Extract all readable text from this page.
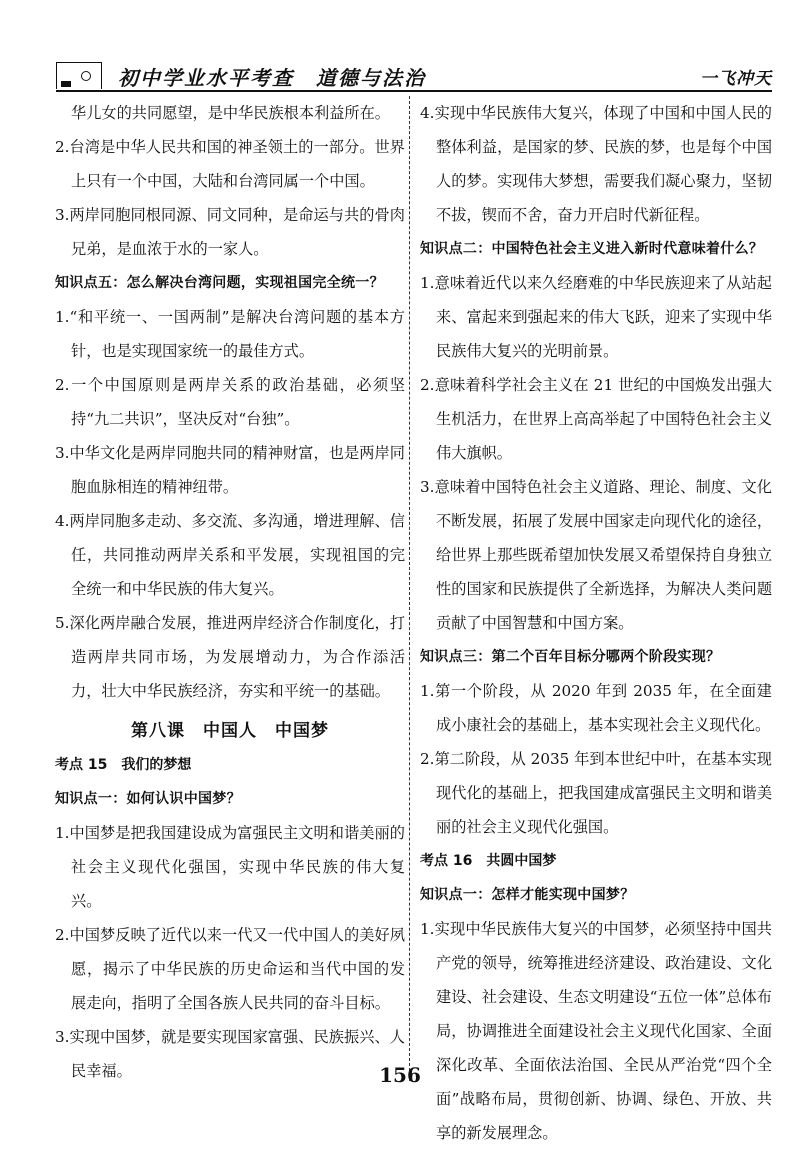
初中学业水平考查　道德与法治	一飞冲天

华儿女的共同愿望，是中华民族根本利益所在。

2.台湾是中华人民共和国的神圣领土的一部分。世界上只有一个中国，大陆和台湾同属一个中国。

3.两岸同胞同根同源、同文同种，是命运与共的骨肉兄弟，是血浓于水的一家人。

知识点五：怎么解决台湾问题，实现祖国完全统一？

1.“和平统一、一国两制”是解决台湾问题的基本方针，也是实现国家统一的最佳方式。

2.一个中国原则是两岸关系的政治基础，必须坚持“九二共识”，坚决反对“台独”。

3.中华文化是两岸同胞共同的精神财富，也是两岸同胞血脉相连的精神纽带。

4.两岸同胞多走动、多交流、多沟通，增进理解、信任，共同推动两岸关系和平发展，实现祖国的完全统一和中华民族的伟大复兴。

5.深化两岸融合发展，推进两岸经济合作制度化，打造两岸共同市场，为发展增动力，为合作添活力，壮大中华民族经济，夯实和平统一的基础。

第八课　中国人　中国梦

考点 15　我们的梦想

知识点一：如何认识中国梦？

1.中国梦是把我国建设成为富强民主文明和谐美丽的社会主义现代化强国，实现中华民族的伟大复兴。

2.中国梦反映了近代以来一代又一代中国人的美好夙愿，揭示了中华民族的历史命运和当代中国的发展走向，指明了全国各族人民共同的奋斗目标。

3.实现中国梦，就是要实现国家富强、民族振兴、人民幸福。

4.实现中华民族伟大复兴，体现了中国和中国人民的整体利益，是国家的梦、民族的梦，也是每个中国人的梦。实现伟大梦想，需要我们凝心聚力，坚韧不拔，锲而不舍，奋力开启时代新征程。

知识点二：中国特色社会主义进入新时代意味着什么？

1.意味着近代以来久经磨难的中华民族迎来了从站起来、富起来到强起来的伟大飞跃，迎来了实现中华民族伟大复兴的光明前景。

2.意味着科学社会主义在 21 世纪的中国焕发出强大生机活力，在世界上高高举起了中国特色社会主义伟大旗帜。

3.意味着中国特色社会主义道路、理论、制度、文化不断发展，拓展了发展中国家走向现代化的途径，给世界上那些既希望加快发展又希望保持自身独立性的国家和民族提供了全新选择，为解决人类问题贡献了中国智慧和中国方案。

知识点三：第二个百年目标分哪两个阶段实现？

1.第一个阶段，从 2020 年到 2035 年，在全面建成小康社会的基础上，基本实现社会主义现代化。

2.第二阶段，从 2035 年到本世纪中叶，在基本实现现代化的基础上，把我国建成富强民主文明和谐美丽的社会主义现代化强国。

考点 16　共圆中国梦

知识点一：怎样才能实现中国梦？

1.实现中华民族伟大复兴的中国梦，必须坚持中国共产党的领导，统筹推进经济建设、政治建设、文化建设、社会建设、生态文明建设“五位一体”总体布局，协调推进全面建设社会主义现代化国家、全面深化改革、全面依法治国、全民从严治党“四个全面”战略布局，贯彻创新、协调、绿色、开放、共享的新发展理念。

156
